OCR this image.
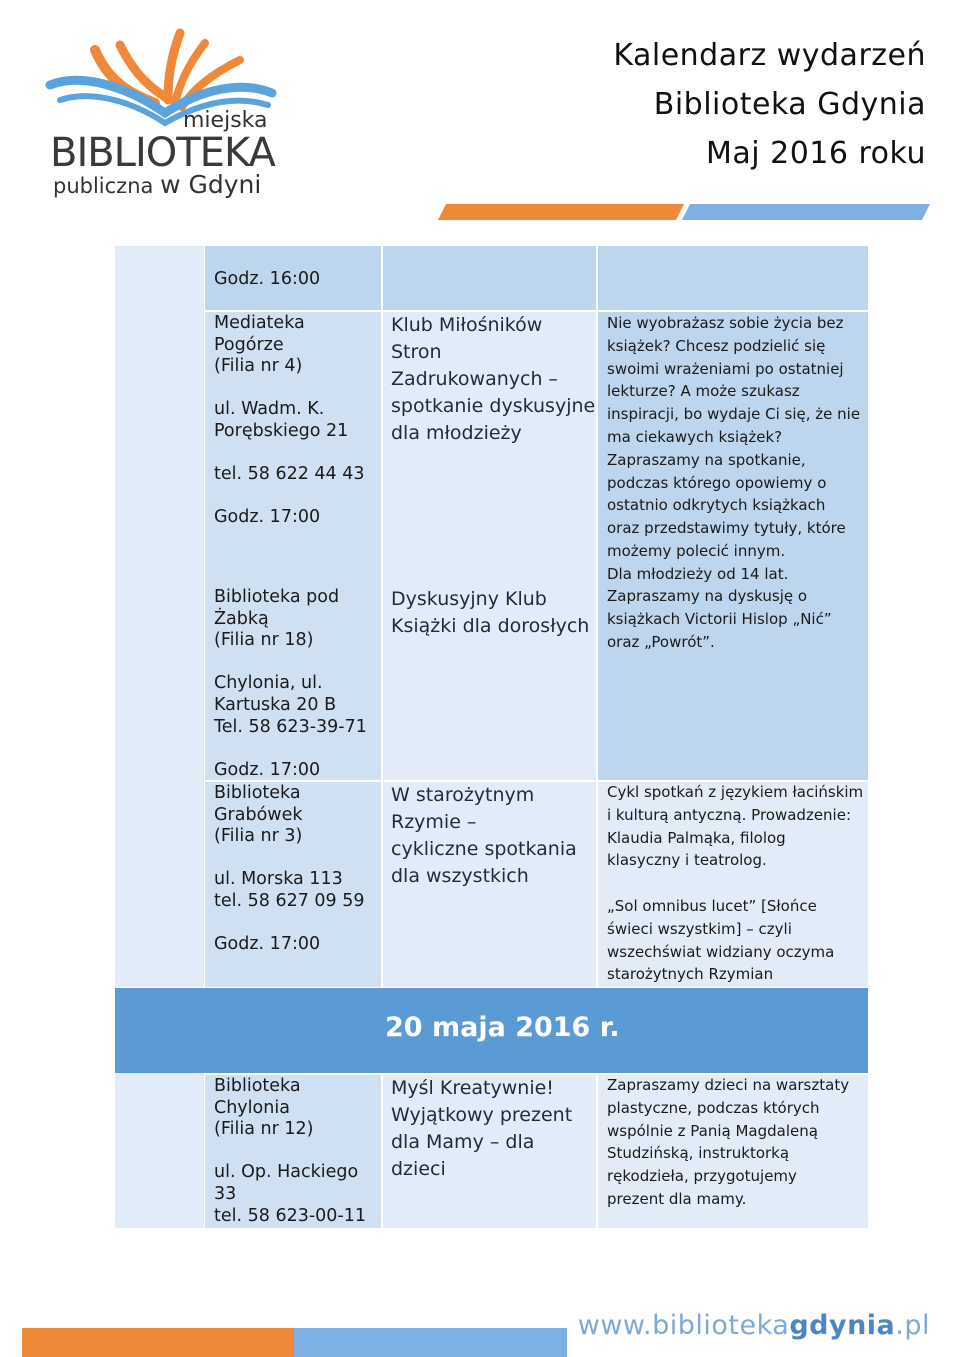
miejska
BIBLIOTEKA
publiczna w Gdyni
Kalendarz wydarzeń
Biblioteka Gdynia
Maj 2016 roku
Godz. 16:00
20 maja 2016 r.
Mediateka
Pogórze
(Filia nr 4)

ul. Wadm. K.
Porębskiego 21

tel. 58 622 44 43

Godz. 17:00
Klub Miłośników
Stron
Zadrukowanych –
spotkanie dyskusyjne
dla młodzieży
Nie wyobrażasz sobie życia bez
książek? Chcesz podzielić się
swoimi wrażeniami po ostatniej
lekturze? A może szukasz
inspiracji, bo wydaje Ci się, że nie
ma ciekawych książek?
Zapraszamy na spotkanie,
podczas którego opowiemy o
ostatnio odkrytych książkach
oraz przedstawimy tytuły, które
możemy polecić innym.
Dla młodzieży od 14 lat.
Biblioteka pod
Żabką
(Filia nr 18)

Chylonia, ul.
Kartuska 20 B
Tel. 58 623-39-71

Godz. 17:00
Dyskusyjny Klub
Książki dla dorosłych
Zapraszamy na dyskusję o
książkach Victorii Hislop „Nić”
oraz „Powrót”.
Biblioteka
Grabówek
(Filia nr 3)

ul. Morska 113
tel. 58 627 09 59

Godz. 17:00
W starożytnym
Rzymie –
cykliczne spotkania
dla wszystkich
Cykl spotkań z językiem łacińskim
i kulturą antyczną. Prowadzenie:
Klaudia Palmąka, filolog
klasyczny i teatrolog.

„Sol omnibus lucet” [Słońce
świeci wszystkim] – czyli
wszechświat widziany oczyma
starożytnych Rzymian
Biblioteka
Chylonia
(Filia nr 12)

ul. Op. Hackiego
33
tel. 58 623-00-11
Myśl Kreatywnie!
Wyjątkowy prezent
dla Mamy – dla
dzieci
Zapraszamy dzieci na warsztaty
plastyczne, podczas których
wspólnie z Panią Magdaleną
Studzińską, instruktorką
rękodzieła, przygotujemy
prezent dla mamy.
www.bibliotekagdynia.pl
